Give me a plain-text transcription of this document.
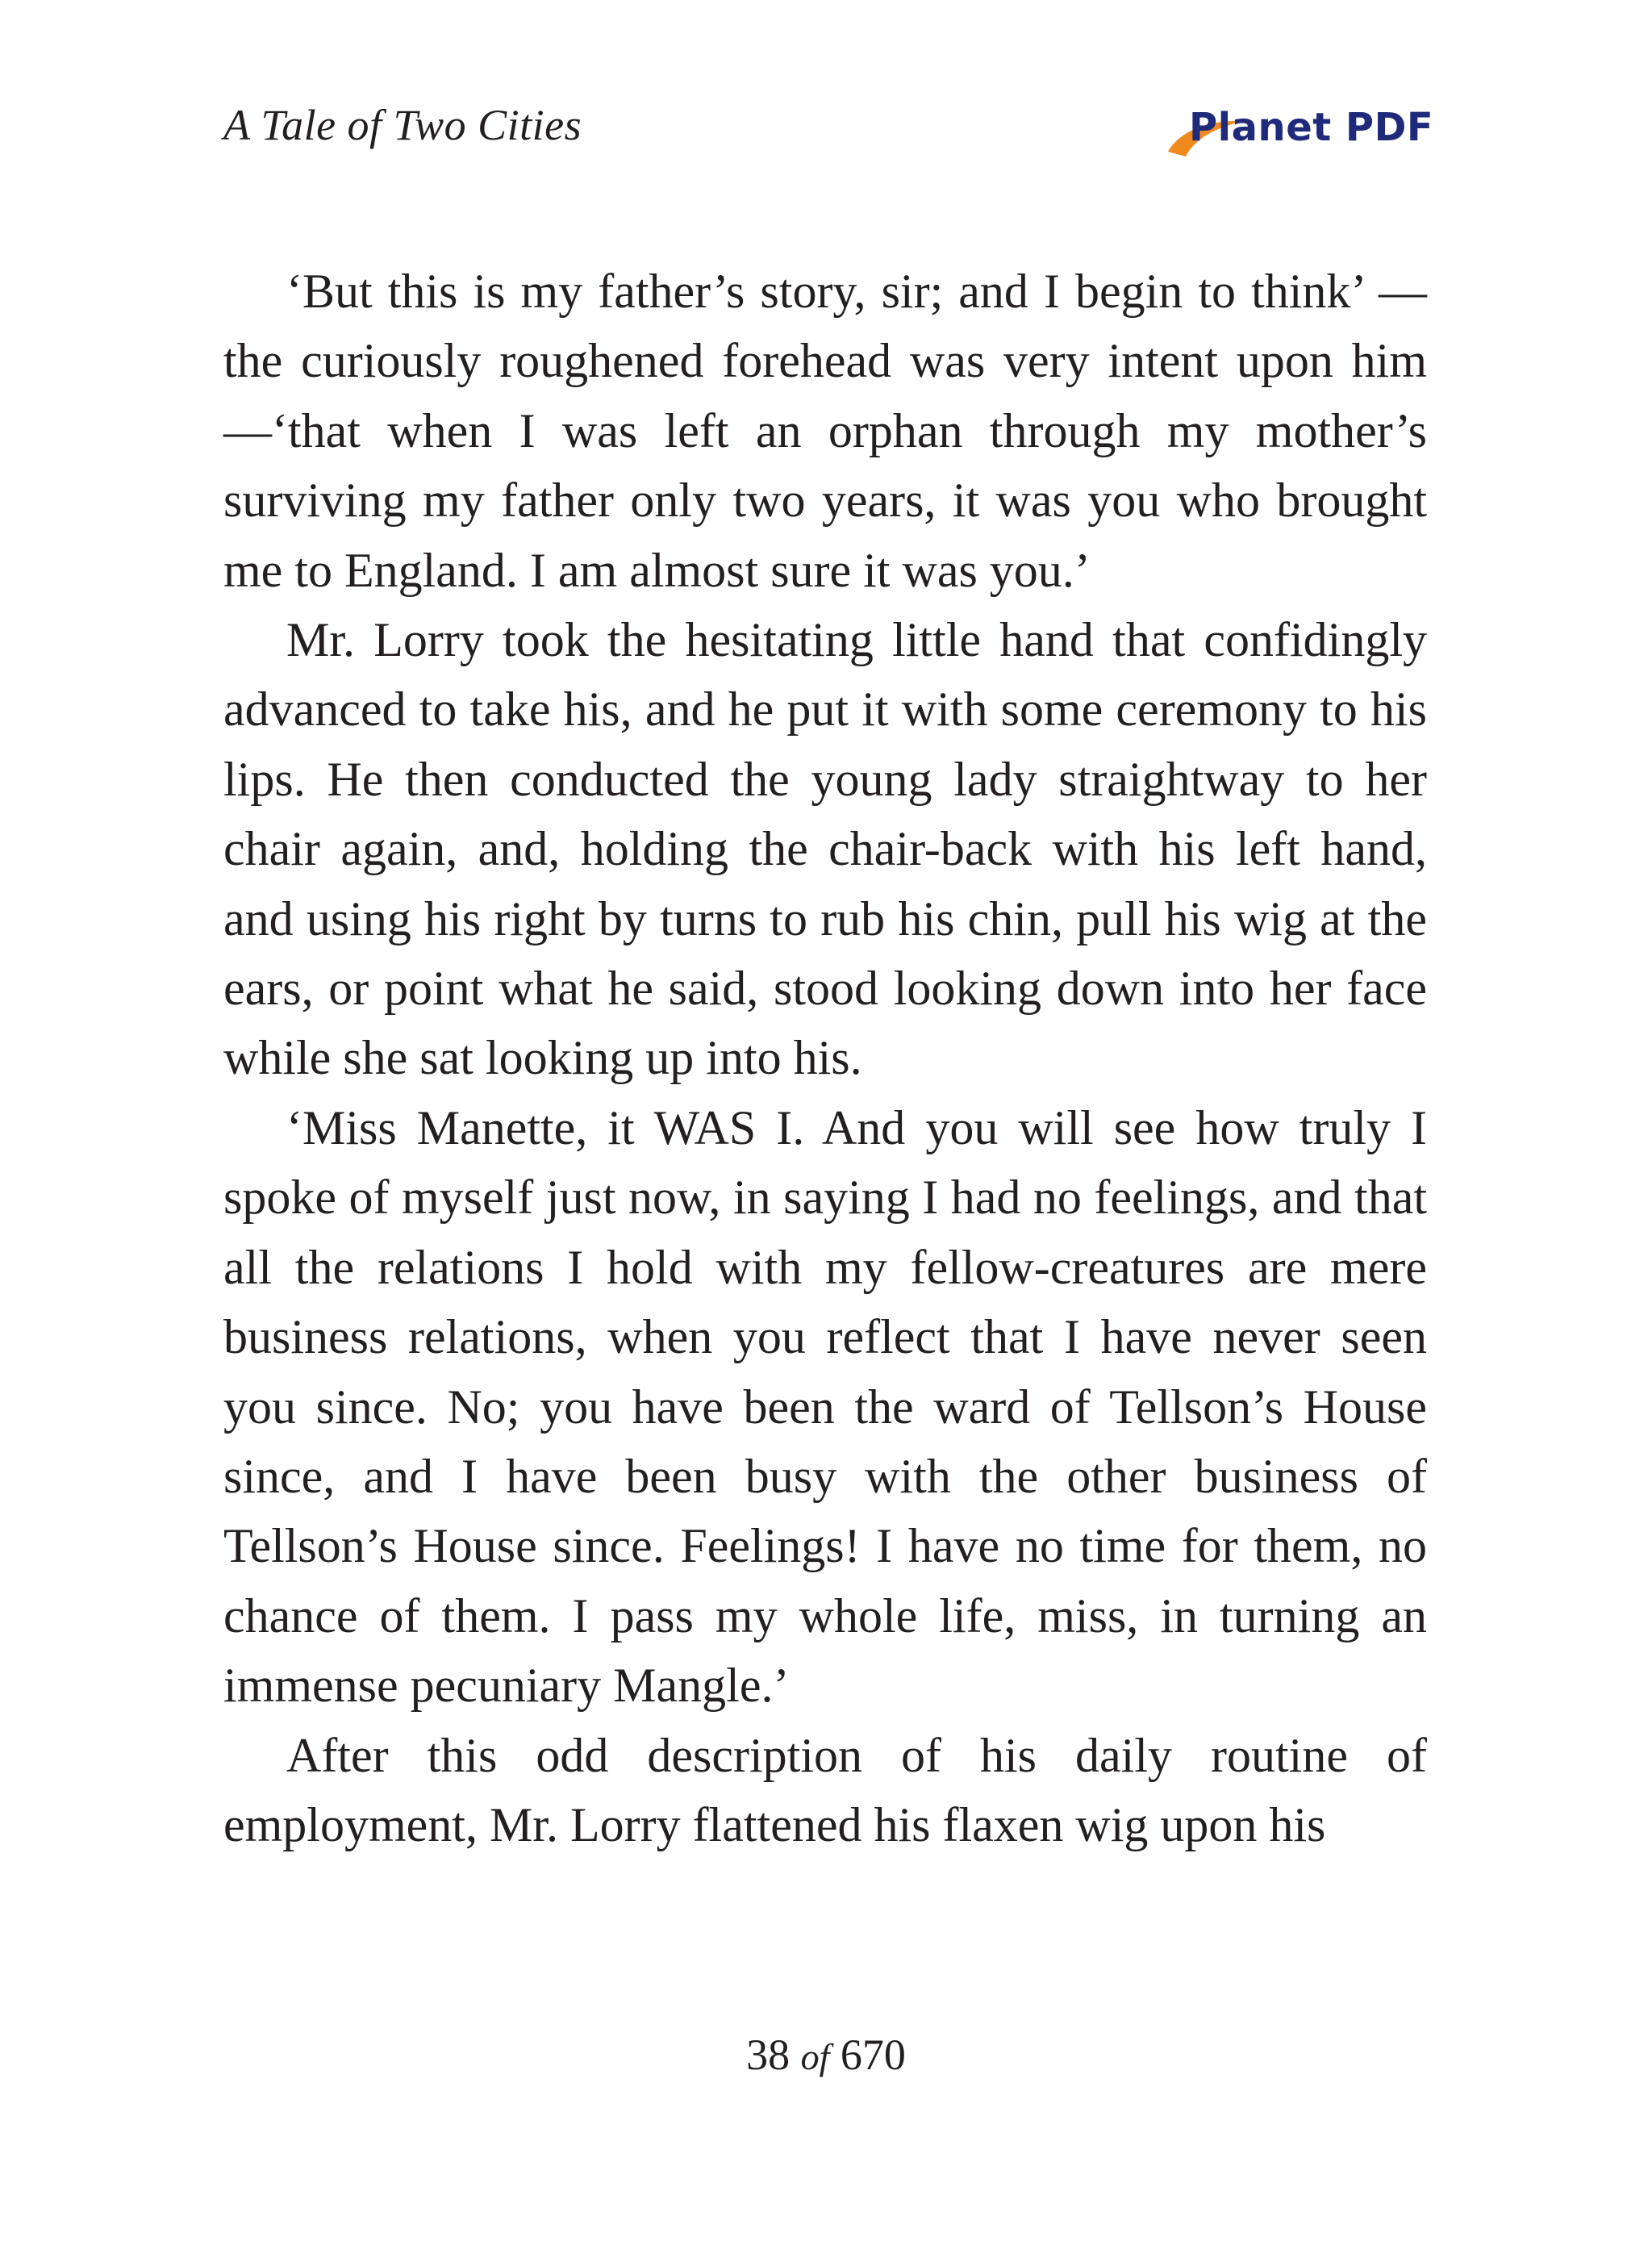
A Tale of Two Cities	Planet PDF

‘But this is my father’s story, sir; and I begin to think’ —the curiously roughened forehead was very intent upon him—‘that when I was left an orphan through my mother’s surviving my father only two years, it was you who brought me to England. I am almost sure it was you.’

Mr. Lorry took the hesitating little hand that confidingly advanced to take his, and he put it with some ceremony to his lips. He then conducted the young lady straightway to her chair again, and, holding the chair-back with his left hand, and using his right by turns to rub his chin, pull his wig at the ears, or point what he said, stood looking down into her face while she sat looking up into his.

‘Miss Manette, it WAS I. And you will see how truly I spoke of myself just now, in saying I had no feelings, and that all the relations I hold with my fellow-creatures are mere business relations, when you reflect that I have never seen you since. No; you have been the ward of Tellson’s House since, and I have been busy with the other business of Tellson’s House since. Feelings! I have no time for them, no chance of them. I pass my whole life, miss, in turning an immense pecuniary Mangle.’

After this odd description of his daily routine of employment, Mr. Lorry flattened his flaxen wig upon his

38 of 670
